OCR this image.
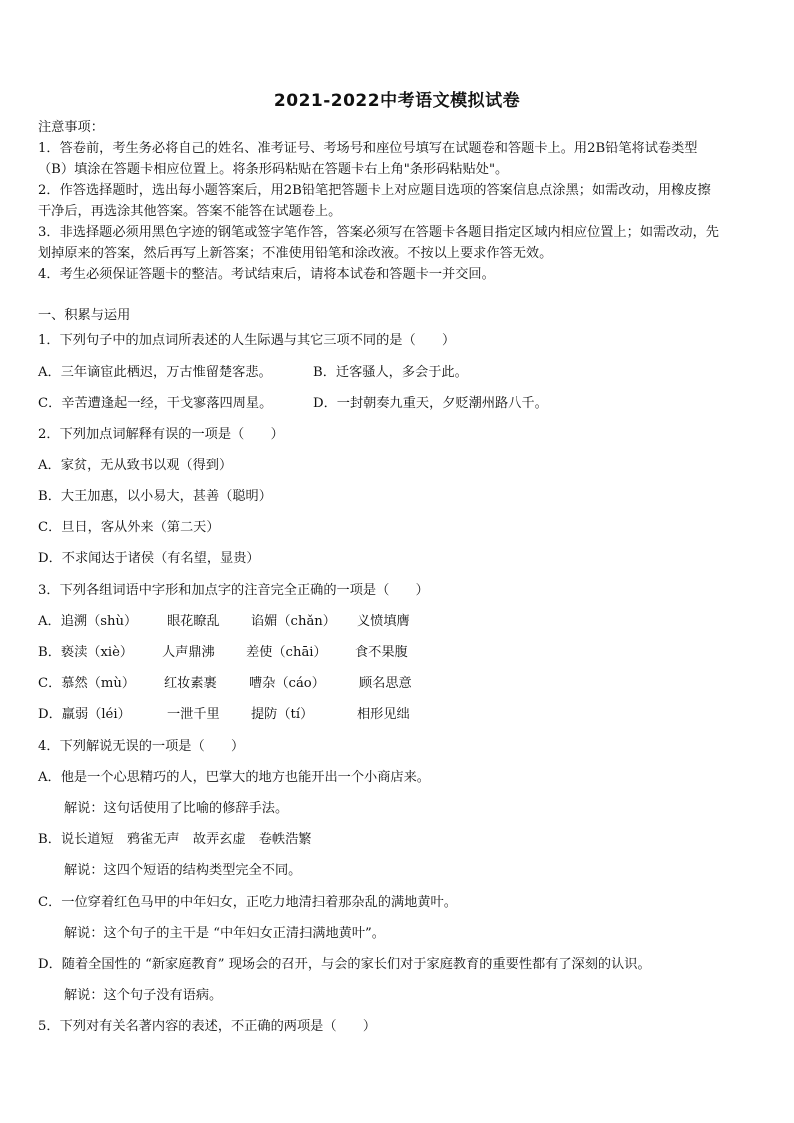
2021-2022中考语文模拟试卷
注意事项：
1．答卷前，考生务必将自己的姓名、准考证号、考场号和座位号填写在试题卷和答题卡上。用2B铅笔将试卷类型
（B）填涂在答题卡相应位置上。将条形码粘贴在答题卡右上角"条形码粘贴处"。
2．作答选择题时，选出每小题答案后，用2B铅笔把答题卡上对应题目选项的答案信息点涂黑；如需改动，用橡皮擦
干净后，再选涂其他答案。答案不能答在试题卷上。
3．非选择题必须用黑色字迹的钢笔或签字笔作答，答案必须写在答题卡各题目指定区域内相应位置上；如需改动，先
划掉原来的答案，然后再写上新答案；不准使用铅笔和涂改液。不按以上要求作答无效。
4．考生必须保证答题卡的整洁。考试结束后，请将本试卷和答题卡一并交回。
一、积累与运用
1．下列句子中的加点词所表述的人生际遇与其它三项不同的是（　　）
A．三年谪宦此栖迟，万古惟留楚客悲。	B．迁客骚人，多会于此。
C．辛苦遭逢起一经，干戈寥落四周星。	D．一封朝奏九重天，夕贬潮州路八千。
2．下列加点词解释有误的一项是（　　）
A．家贫，无从致书以观（得到）
B．大王加惠，以小易大，甚善（聪明）
C．旦日，客从外来（第二天）
D．不求闻达于诸侯（有名望，显贵）
3．下列各组词语中字形和加点字的注音完全正确的一项是（　　）
A．追溯（shù） 眼花瞭乱 谄媚（chǎn） 义愤填膺
B．亵渎（xiè） 人声鼎沸 差使（chāi） 食不果腹
C．慕然（mù） 红妆素裹 嘈杂（cáo）	顾名思意
D．羸弱（léi）	一泄千里 提防（tí）	相形见绌
4．下列解说无误的一项是（　　）
A．他是一个心思精巧的人，巴掌大的地方也能开出一个小商店来。
解说：这句话使用了比喻的修辞手法。
B．说长道短　鸦雀无声　故弄玄虚　卷帙浩繁
解说：这四个短语的结构类型完全不同。
C．一位穿着红色马甲的中年妇女，正吃力地清扫着那杂乱的满地黄叶。
解说：这个句子的主干是 “中年妇女正清扫满地黄叶”。
D．随着全国性的 “新家庭教育” 现场会的召开，与会的家长们对于家庭教育的重要性都有了深刻的认识。
解说：这个句子没有语病。
5．下列对有关名著内容的表述，不正确的两项是（　　）
